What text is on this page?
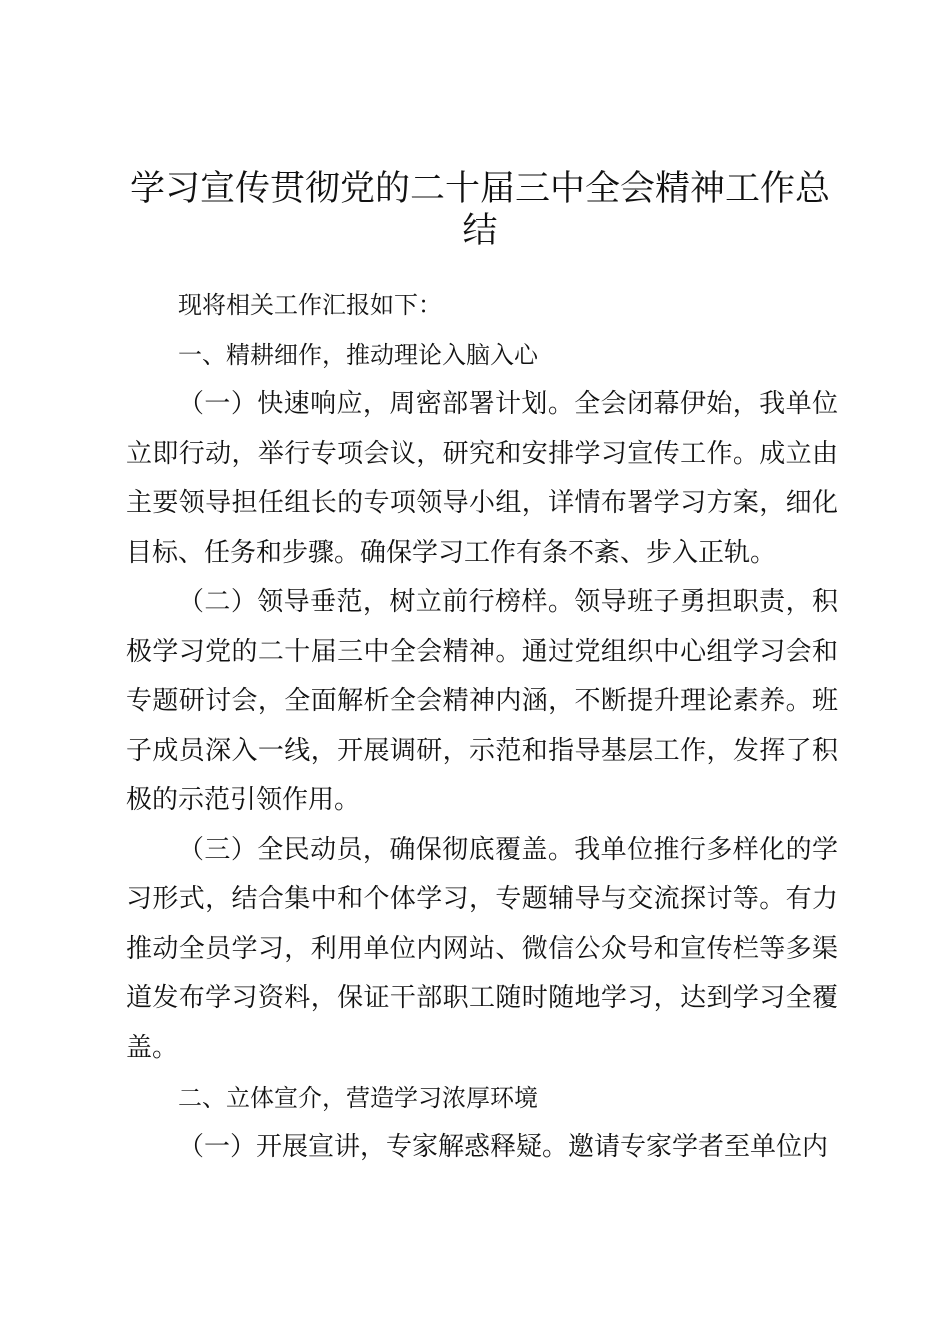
学习宣传贯彻党的二十届三中全会精神工作总结

现将相关工作汇报如下：

一、精耕细作，推动理论入脑入心

（一）快速响应，周密部署计划。全会闭幕伊始，我单位立即行动，举行专项会议，研究和安排学习宣传工作。成立由主要领导担任组长的专项领导小组，详情布署学习方案，细化目标、任务和步骤。确保学习工作有条不紊、步入正轨。

（二）领导垂范，树立前行榜样。领导班子勇担职责，积极学习党的二十届三中全会精神。通过党组织中心组学习会和专题研讨会，全面解析全会精神内涵，不断提升理论素养。班子成员深入一线，开展调研，示范和指导基层工作，发挥了积极的示范引领作用。

（三）全民动员，确保彻底覆盖。我单位推行多样化的学习形式，结合集中和个体学习，专题辅导与交流探讨等。有力推动全员学习，利用单位内网站、微信公众号和宣传栏等多渠道发布学习资料，保证干部职工随时随地学习，达到学习全覆盖。

二、立体宣介，营造学习浓厚环境

（一）开展宣讲，专家解惑释疑。邀请专家学者至单位内
